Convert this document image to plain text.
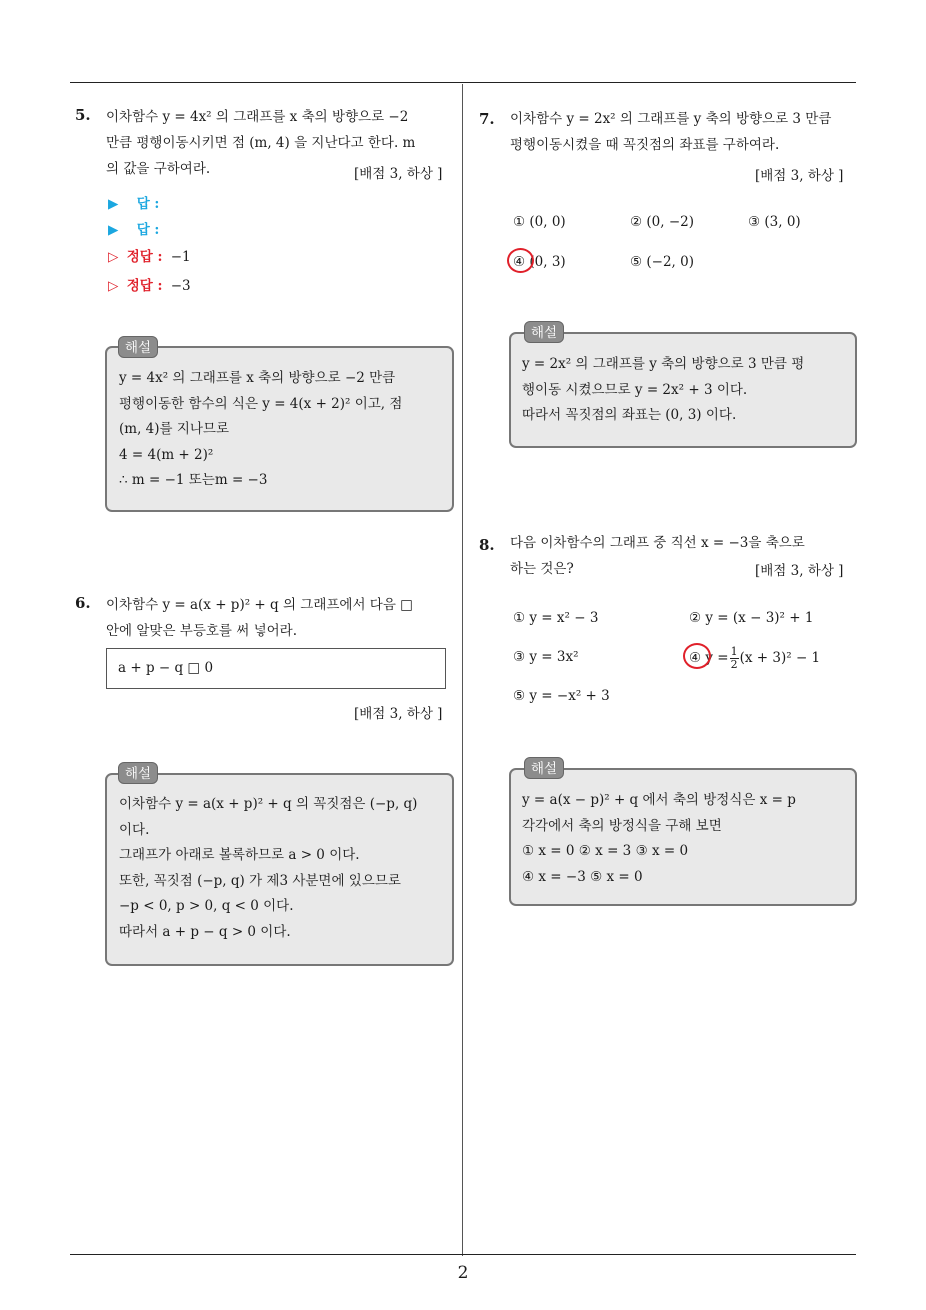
2
5. 이차함수 y = 4x² 의 그래프를 x 축의 방향으로 −2
만큼 평행이동시키면 점 (m, 4) 을 지난다고 한다. m
의 값을 구하여라.	[배점 3, 하상 ]
▶ 답 :
▶ 답 :
▷ 정답 : −1
▷ 정답 : −3
해설
y = 4x² 의 그래프를 x 축의 방향으로 −2 만큼
평행이동한 함수의 식은 y = 4(x + 2)² 이고, 점
(m, 4)를 지나므로
4 = 4(m + 2)²
∴ m = −1 또는m = −3
6. 이차함수 y = a(x + p)² + q 의 그래프에서 다음 □
안에 알맞은 부등호를 써 넣어라.
a + p − q □ 0
[배점 3, 하상 ]
해설
이차함수 y = a(x + p)² + q 의 꼭짓점은 (−p, q)
이다.
그래프가 아래로 볼록하므로 a > 0 이다.
또한, 꼭짓점 (−p, q) 가 제3 사분면에 있으므로
−p < 0, p > 0, q < 0 이다.
따라서 a + p − q > 0 이다.
7. 이차함수 y = 2x² 의 그래프를 y 축의 방향으로 3 만큼
평행이동시켰을 때 꼭짓점의 좌표를 구하여라.
[배점 3, 하상 ]
① (0, 0)	② (0, −2)	③ (3, 0)
④ (0, 3)	⑤ (−2, 0)
해설
y = 2x² 의 그래프를 y 축의 방향으로 3 만큼 평
행이동 시켰으므로 y = 2x² + 3 이다.
따라서 꼭짓점의 좌표는 (0, 3) 이다.
8. 다음 이차함수의 그래프 중 직선 x = −3을 축으로
하는 것은?	[배점 3, 하상 ]
① y = x² − 3	② y = (x − 3)² + 1
③ y = 3x²	④ $y = \frac{1}{2} (x + 3)^2 - 1$
⑤ y = −x² + 3
해설
y = a(x − p)² + q 에서 축의 방정식은 x = p
각각에서 축의 방정식을 구해 보면
① x = 0 ② x = 3 ③ x = 0
④ x = −3 ⑤ x = 0
